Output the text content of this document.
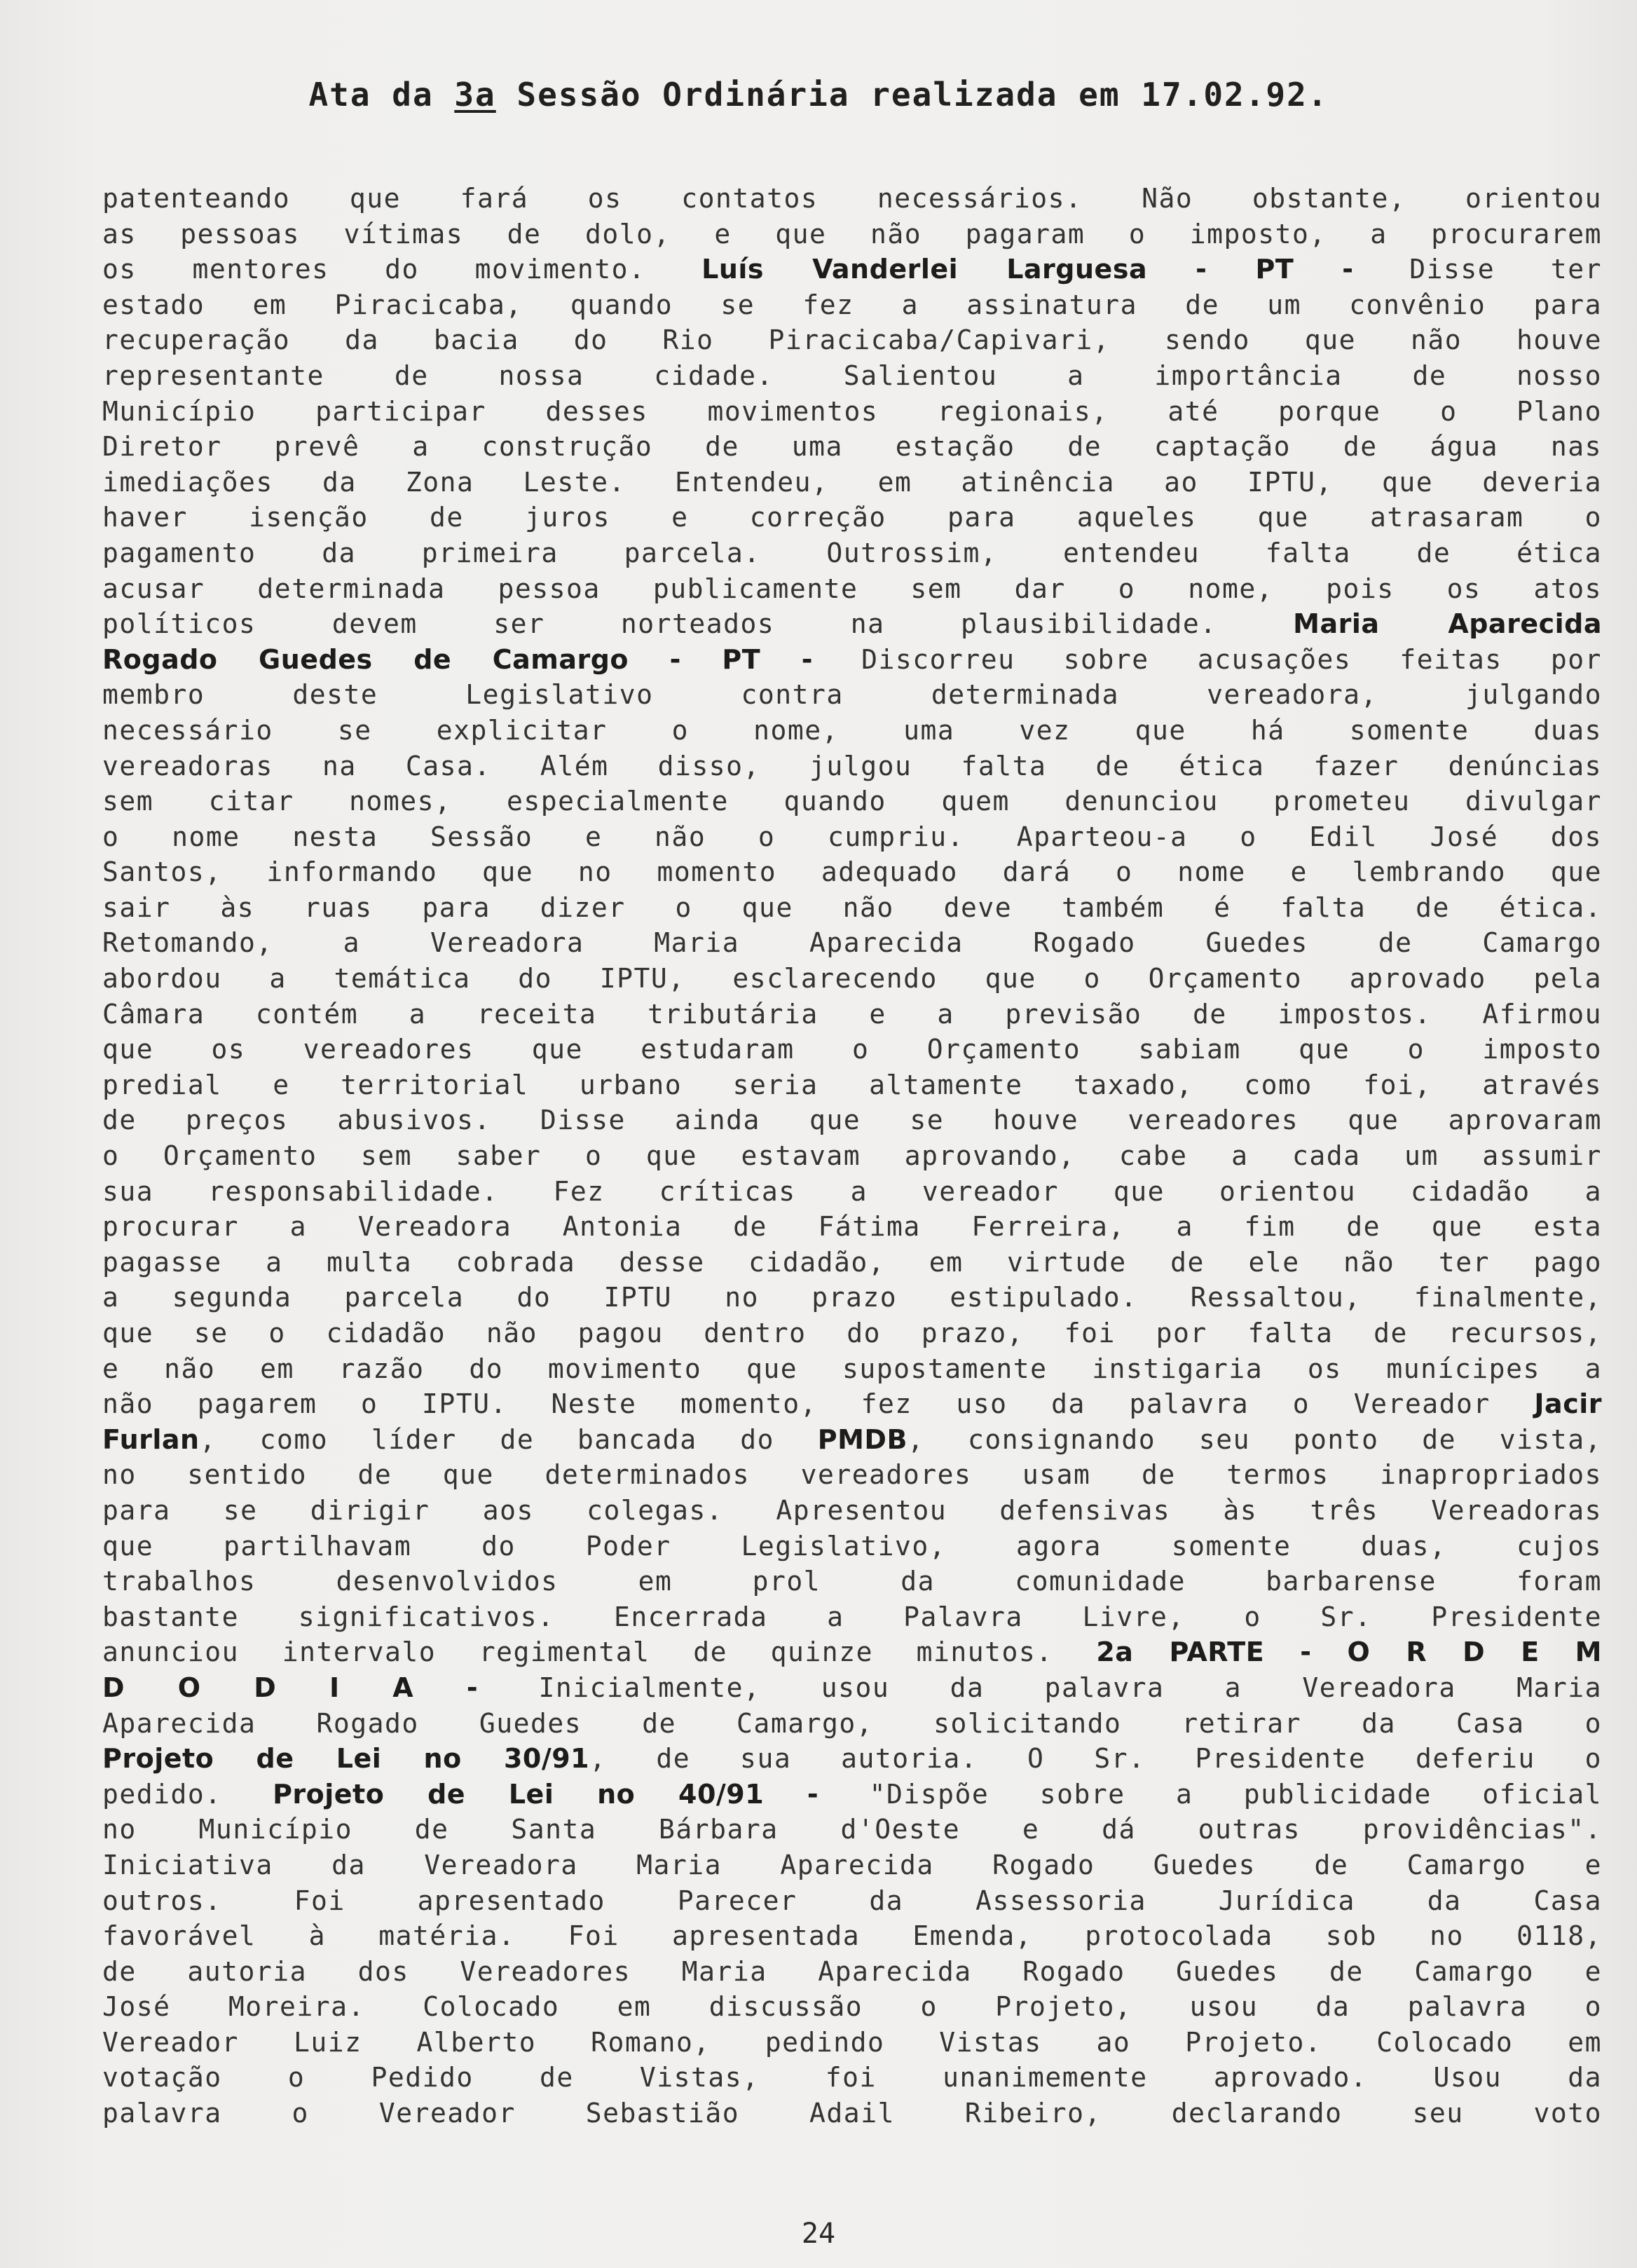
Ata da 3a Sessão Ordinária realizada em 17.02.92.
patenteando que fará os contatos necessários. Não obstante, orientou
as pessoas vítimas de dolo, e que não pagaram o imposto, a procurarem
os mentores do movimento. Luís Vanderlei Larguesa - PT - Disse ter
estado em Piracicaba, quando se fez a assinatura de um convênio para
recuperação da bacia do Rio Piracicaba/Capivari, sendo que não houve
representante de nossa cidade. Salientou a importância de nosso
Município participar desses movimentos regionais, até porque o Plano
Diretor prevê a construção de uma estação de captação de água nas
imediações da Zona Leste. Entendeu, em atinência ao IPTU, que deveria
haver isenção de juros e correção para aqueles que atrasaram o
pagamento da primeira parcela. Outrossim, entendeu falta de ética
acusar determinada pessoa publicamente sem dar o nome, pois os atos
políticos devem ser norteados na plausibilidade. Maria Aparecida
Rogado Guedes de Camargo - PT - Discorreu sobre acusações feitas por
membro deste Legislativo contra determinada vereadora, julgando
necessário se explicitar o nome, uma vez que há somente duas
vereadoras na Casa. Além disso, julgou falta de ética fazer denúncias
sem citar nomes, especialmente quando quem denunciou prometeu divulgar
o nome nesta Sessão e não o cumpriu. Aparteou-a o Edil José dos
Santos, informando que no momento adequado dará o nome e lembrando que
sair às ruas para dizer o que não deve também é falta de ética.
Retomando, a Vereadora Maria Aparecida Rogado Guedes de Camargo
abordou a temática do IPTU, esclarecendo que o Orçamento aprovado pela
Câmara contém a receita tributária e a previsão de impostos. Afirmou
que os vereadores que estudaram o Orçamento sabiam que o imposto
predial e territorial urbano seria altamente taxado, como foi, através
de preços abusivos. Disse ainda que se houve vereadores que aprovaram
o Orçamento sem saber o que estavam aprovando, cabe a cada um assumir
sua responsabilidade. Fez críticas a vereador que orientou cidadão a
procurar a Vereadora Antonia de Fátima Ferreira, a fim de que esta
pagasse a multa cobrada desse cidadão, em virtude de ele não ter pago
a segunda parcela do IPTU no prazo estipulado. Ressaltou, finalmente,
que se o cidadão não pagou dentro do prazo, foi por falta de recursos,
e não em razão do movimento que supostamente instigaria os munícipes a
não pagarem o IPTU. Neste momento, fez uso da palavra o Vereador Jacir
Furlan, como líder de bancada do PMDB, consignando seu ponto de vista,
no sentido de que determinados vereadores usam de termos inapropriados
para se dirigir aos colegas. Apresentou defensivas às três Vereadoras
que partilhavam do Poder Legislativo, agora somente duas, cujos
trabalhos desenvolvidos em prol da comunidade barbarense foram
bastante significativos. Encerrada a Palavra Livre, o Sr. Presidente
anunciou intervalo regimental de quinze minutos. 2a PARTE - O R D E M
D O D I A - Inicialmente, usou da palavra a Vereadora Maria
Aparecida Rogado Guedes de Camargo, solicitando retirar da Casa o
Projeto de Lei no 30/91, de sua autoria. O Sr. Presidente deferiu o
pedido. Projeto de Lei no 40/91 - "Dispõe sobre a publicidade oficial
no Município de Santa Bárbara d'Oeste e dá outras providências".
Iniciativa da Vereadora Maria Aparecida Rogado Guedes de Camargo e
outros. Foi apresentado Parecer da Assessoria Jurídica da Casa
favorável à matéria. Foi apresentada Emenda, protocolada sob no 0118,
de autoria dos Vereadores Maria Aparecida Rogado Guedes de Camargo e
José Moreira. Colocado em discussão o Projeto, usou da palavra o
Vereador Luiz Alberto Romano, pedindo Vistas ao Projeto. Colocado em
votação o Pedido de Vistas, foi unanimemente aprovado. Usou da
palavra o Vereador Sebastião Adail Ribeiro, declarando seu voto
24
